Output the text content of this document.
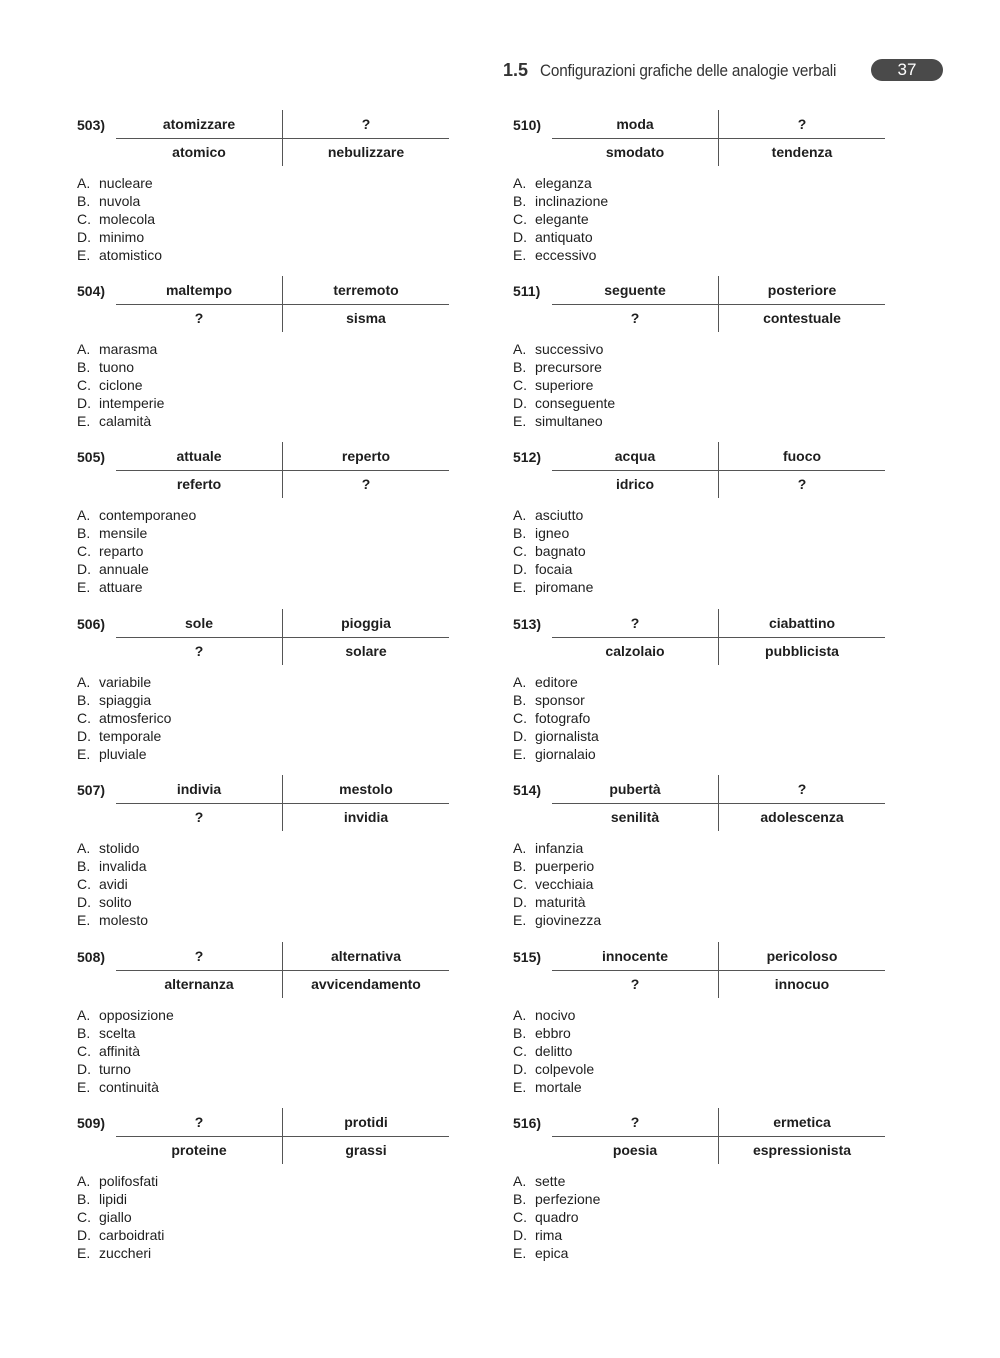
1.5 Configurazioni grafiche delle analogie verbali	37
503)	atomizzare	?
atomico	nebulizzare
A. nucleare
B. nuvola
C. molecola
D. minimo
E. atomistico
504)	maltempo	terremoto
?	sisma
A. marasma
B. tuono
C. ciclone
D. intemperie
E. calamità
505)	attuale	reperto
referto	?
A. contemporaneo
B. mensile
C. reparto
D. annuale
E. attuare
506)	sole	pioggia
?	solare
A. variabile
B. spiaggia
C. atmosferico
D. temporale
E. pluviale
507)	indivia	mestolo
?	invidia
A. stolido
B. invalida
C. avidi
D. solito
E. molesto
508)	?	alternativa
alternanza	avvicendamento
A. opposizione
B. scelta
C. affinità
D. turno
E. continuità
509)	?	protidi
proteine	grassi
A. polifosfati
B. lipidi
C. giallo
D. carboidrati
E. zuccheri
510)	moda	?
smodato	tendenza
A. eleganza
B. inclinazione
C. elegante
D. antiquato
E. eccessivo
511)	seguente	posteriore
?	contestuale
A. successivo
B. precursore
C. superiore
D. conseguente
E. simultaneo
512)	acqua	fuoco
idrico	?
A. asciutto
B. igneo
C. bagnato
D. focaia
E. piromane
513)	?	ciabattino
calzolaio	pubblicista
A. editore
B. sponsor
C. fotografo
D. giornalista
E. giornalaio
514)	pubertà	?
senilità	adolescenza
A. infanzia
B. puerperio
C. vecchiaia
D. maturità
E. giovinezza
515)	innocente	pericoloso
?	innocuo
A. nocivo
B. ebbro
C. delitto
D. colpevole
E. mortale
516)	?	ermetica
poesia	espressionista
A. sette
B. perfezione
C. quadro
D. rima
E. epica
